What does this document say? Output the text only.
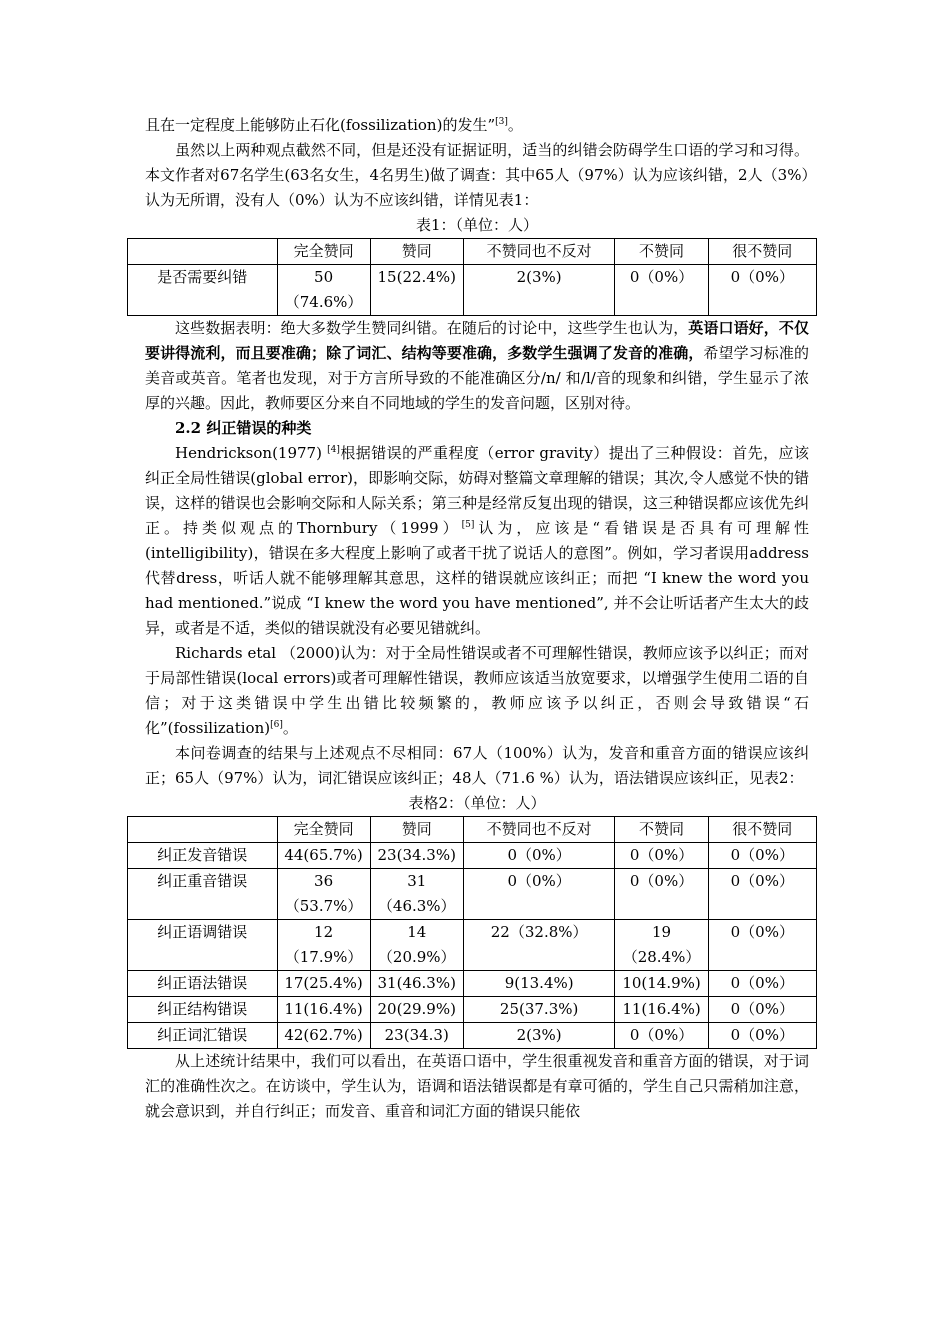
且在一定程度上能够防止石化(fossilization)的发生”[3]。

虽然以上两种观点截然不同，但是还没有证据证明，适当的纠错会防碍学生口语的学习和习得。本文作者对67名学生(63名女生，4名男生)做了调查：其中65人（97%）认为应该纠错，2人（3%）认为无所谓，没有人（0%）认为不应该纠错，详情见表1：

表1：（单位：人）
	完全赞同	赞同	不赞同也不反对	不赞同	很不赞同
是否需要纠错	50（74.6%）	15(22.4%)	2(3%)	0（0%）	0（0%）

这些数据表明：绝大多数学生赞同纠错。在随后的讨论中，这些学生也认为，英语口语好，不仅要讲得流利，而且要准确；除了词汇、结构等要准确，多数学生强调了发音的准确，希望学习标准的美音或英音。笔者也发现，对于方言所导致的不能准确区分/n/ 和/l/音的现象和纠错，学生显示了浓厚的兴趣。因此，教师要区分来自不同地域的学生的发音问题，区别对待。

2.2 纠正错误的种类

Hendrickson(1977) [4]根据错误的严重程度（error gravity）提出了三种假设：首先，应该纠正全局性错误(global error)，即影响交际，妨碍对整篇文章理解的错误；其次,令人感觉不快的错误，这样的错误也会影响交际和人际关系；第三种是经常反复出现的错误，这三种错误都应该优先纠正。持类似观点的Thornbury（1999）[5]认为，应该是“看错误是否具有可理解性(intelligibility)，错误在多大程度上影响了或者干扰了说话人的意图”。例如，学习者误用address代替dress，听话人就不能够理解其意思，这样的错误就应该纠正；而把 “I knew the word you had mentioned.”说成 “I knew the word you have mentioned”, 并不会让听话者产生太大的歧异，或者是不适，类似的错误就没有必要见错就纠。

Richards etal （2000)认为：对于全局性错误或者不可理解性错误，教师应该予以纠正；而对于局部性错误(local errors)或者可理解性错误，教师应该适当放宽要求，以增强学生使用二语的自信；对于这类错误中学生出错比较频繁的，教师应该予以纠正，否则会导致错误“石化”(fossilization)[6]。

本问卷调查的结果与上述观点不尽相同：67人（100%）认为，发音和重音方面的错误应该纠正；65人（97%）认为，词汇错误应该纠正；48人（71.6 %）认为，语法错误应该纠正，见表2：

表格2：（单位：人）
	完全赞同	赞同	不赞同也不反对	不赞同	很不赞同
纠正发音错误	44(65.7%)	23(34.3%)	0（0%）	0（0%）	0（0%）
纠正重音错误	36（53.7%）	31（46.3%）	0（0%）	0（0%）	0（0%）
纠正语调错误	12（17.9%）	14（20.9%）	22（32.8%）	19（28.4%）	0（0%）
纠正语法错误	17(25.4%)	31(46.3%)	9(13.4%)	10(14.9%)	0（0%）
纠正结构错误	11(16.4%)	20(29.9%)	25(37.3%)	11(16.4%)	0（0%）
纠正词汇错误	42(62.7%)	23(34.3)	2(3%)	0（0%）	0（0%）

从上述统计结果中，我们可以看出，在英语口语中，学生很重视发音和重音方面的错误，对于词汇的准确性次之。在访谈中，学生认为，语调和语法错误都是有章可循的，学生自己只需稍加注意，就会意识到，并自行纠正；而发音、重音和词汇方面的错误只能依
